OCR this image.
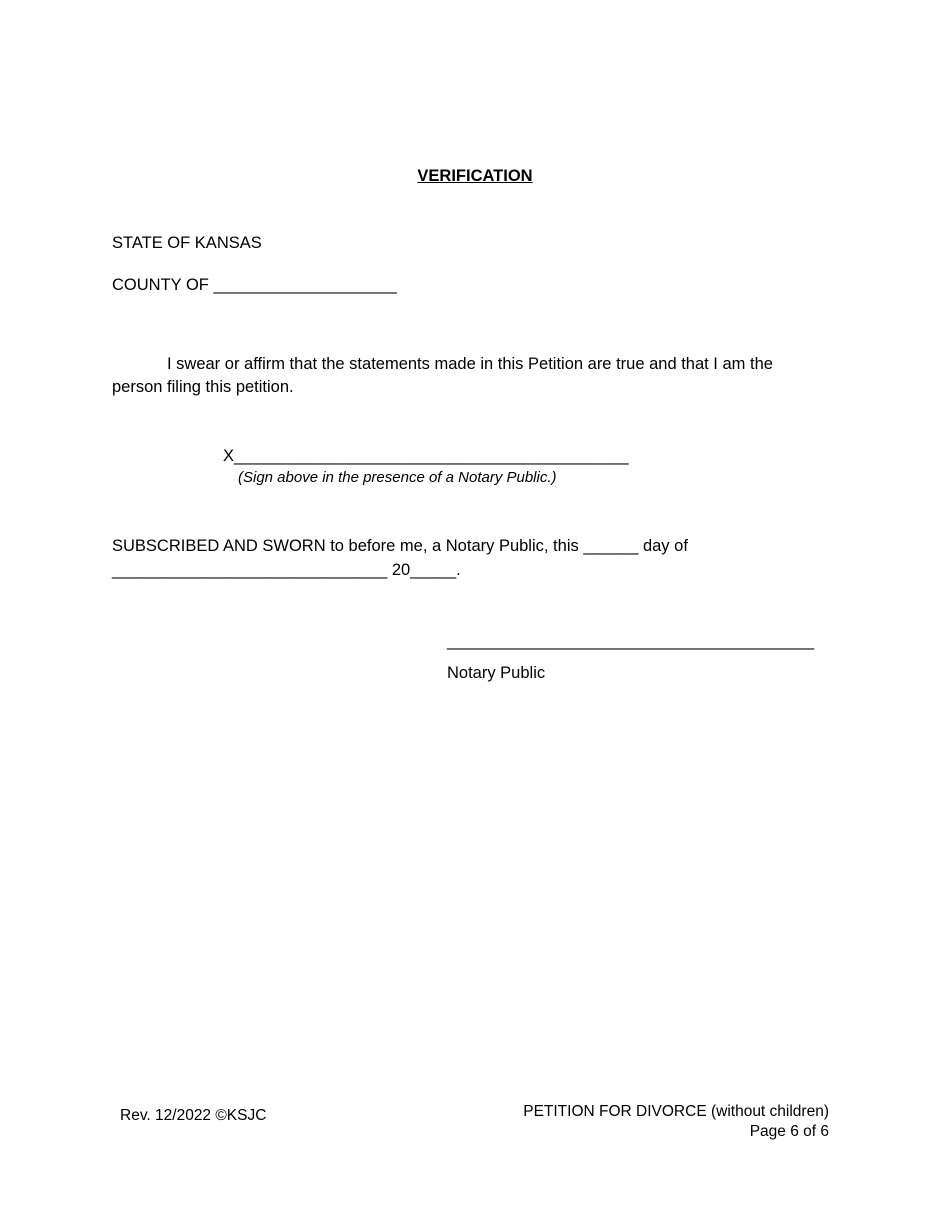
VERIFICATION
STATE OF KANSAS
COUNTY OF ____________________
I swear or affirm that the statements made in this Petition are true and that I am the person filing this petition.
X___________________________________________
(Sign above in the presence of a Notary Public.)
SUBSCRIBED AND SWORN to before me, a Notary Public, this ______ day of
______________________________ 20_____.
________________________________________
Notary Public
Rev. 12/2022 ©KSJC	PETITION FOR DIVORCE (without children)
Page 6 of 6
